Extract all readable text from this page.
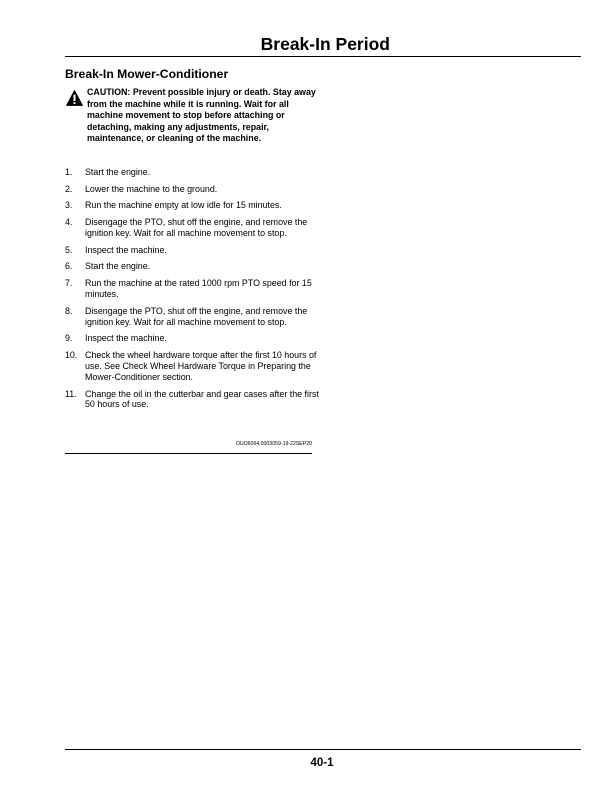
Break-In Period
Break-In Mower-Conditioner
CAUTION: Prevent possible injury or death. Stay away from the machine while it is running. Wait for all machine movement to stop before attaching or detaching, making any adjustments, repair, maintenance, or cleaning of the machine.
1.	Start the engine.
2.	Lower the machine to the ground.
3.	Run the machine empty at low idle for 15 minutes.
4.	Disengage the PTO, shut off the engine, and remove the ignition key. Wait for all machine movement to stop.
5.	Inspect the machine.
6.	Start the engine.
7.	Run the machine at the rated 1000 rpm PTO speed for 15 minutes.
8.	Disengage the PTO, shut off the engine, and remove the ignition key. Wait for all machine movement to stop.
9.	Inspect the machine.
10. Check the wheel hardware torque after the first 10 hours of use. See Check Wheel Hardware Torque in Preparing the Mower-Conditioner section.
11. Change the oil in the cutterbar and gear cases after the first 50 hours of use.
OUO6064,0003059-19-22SEP20
40-1
